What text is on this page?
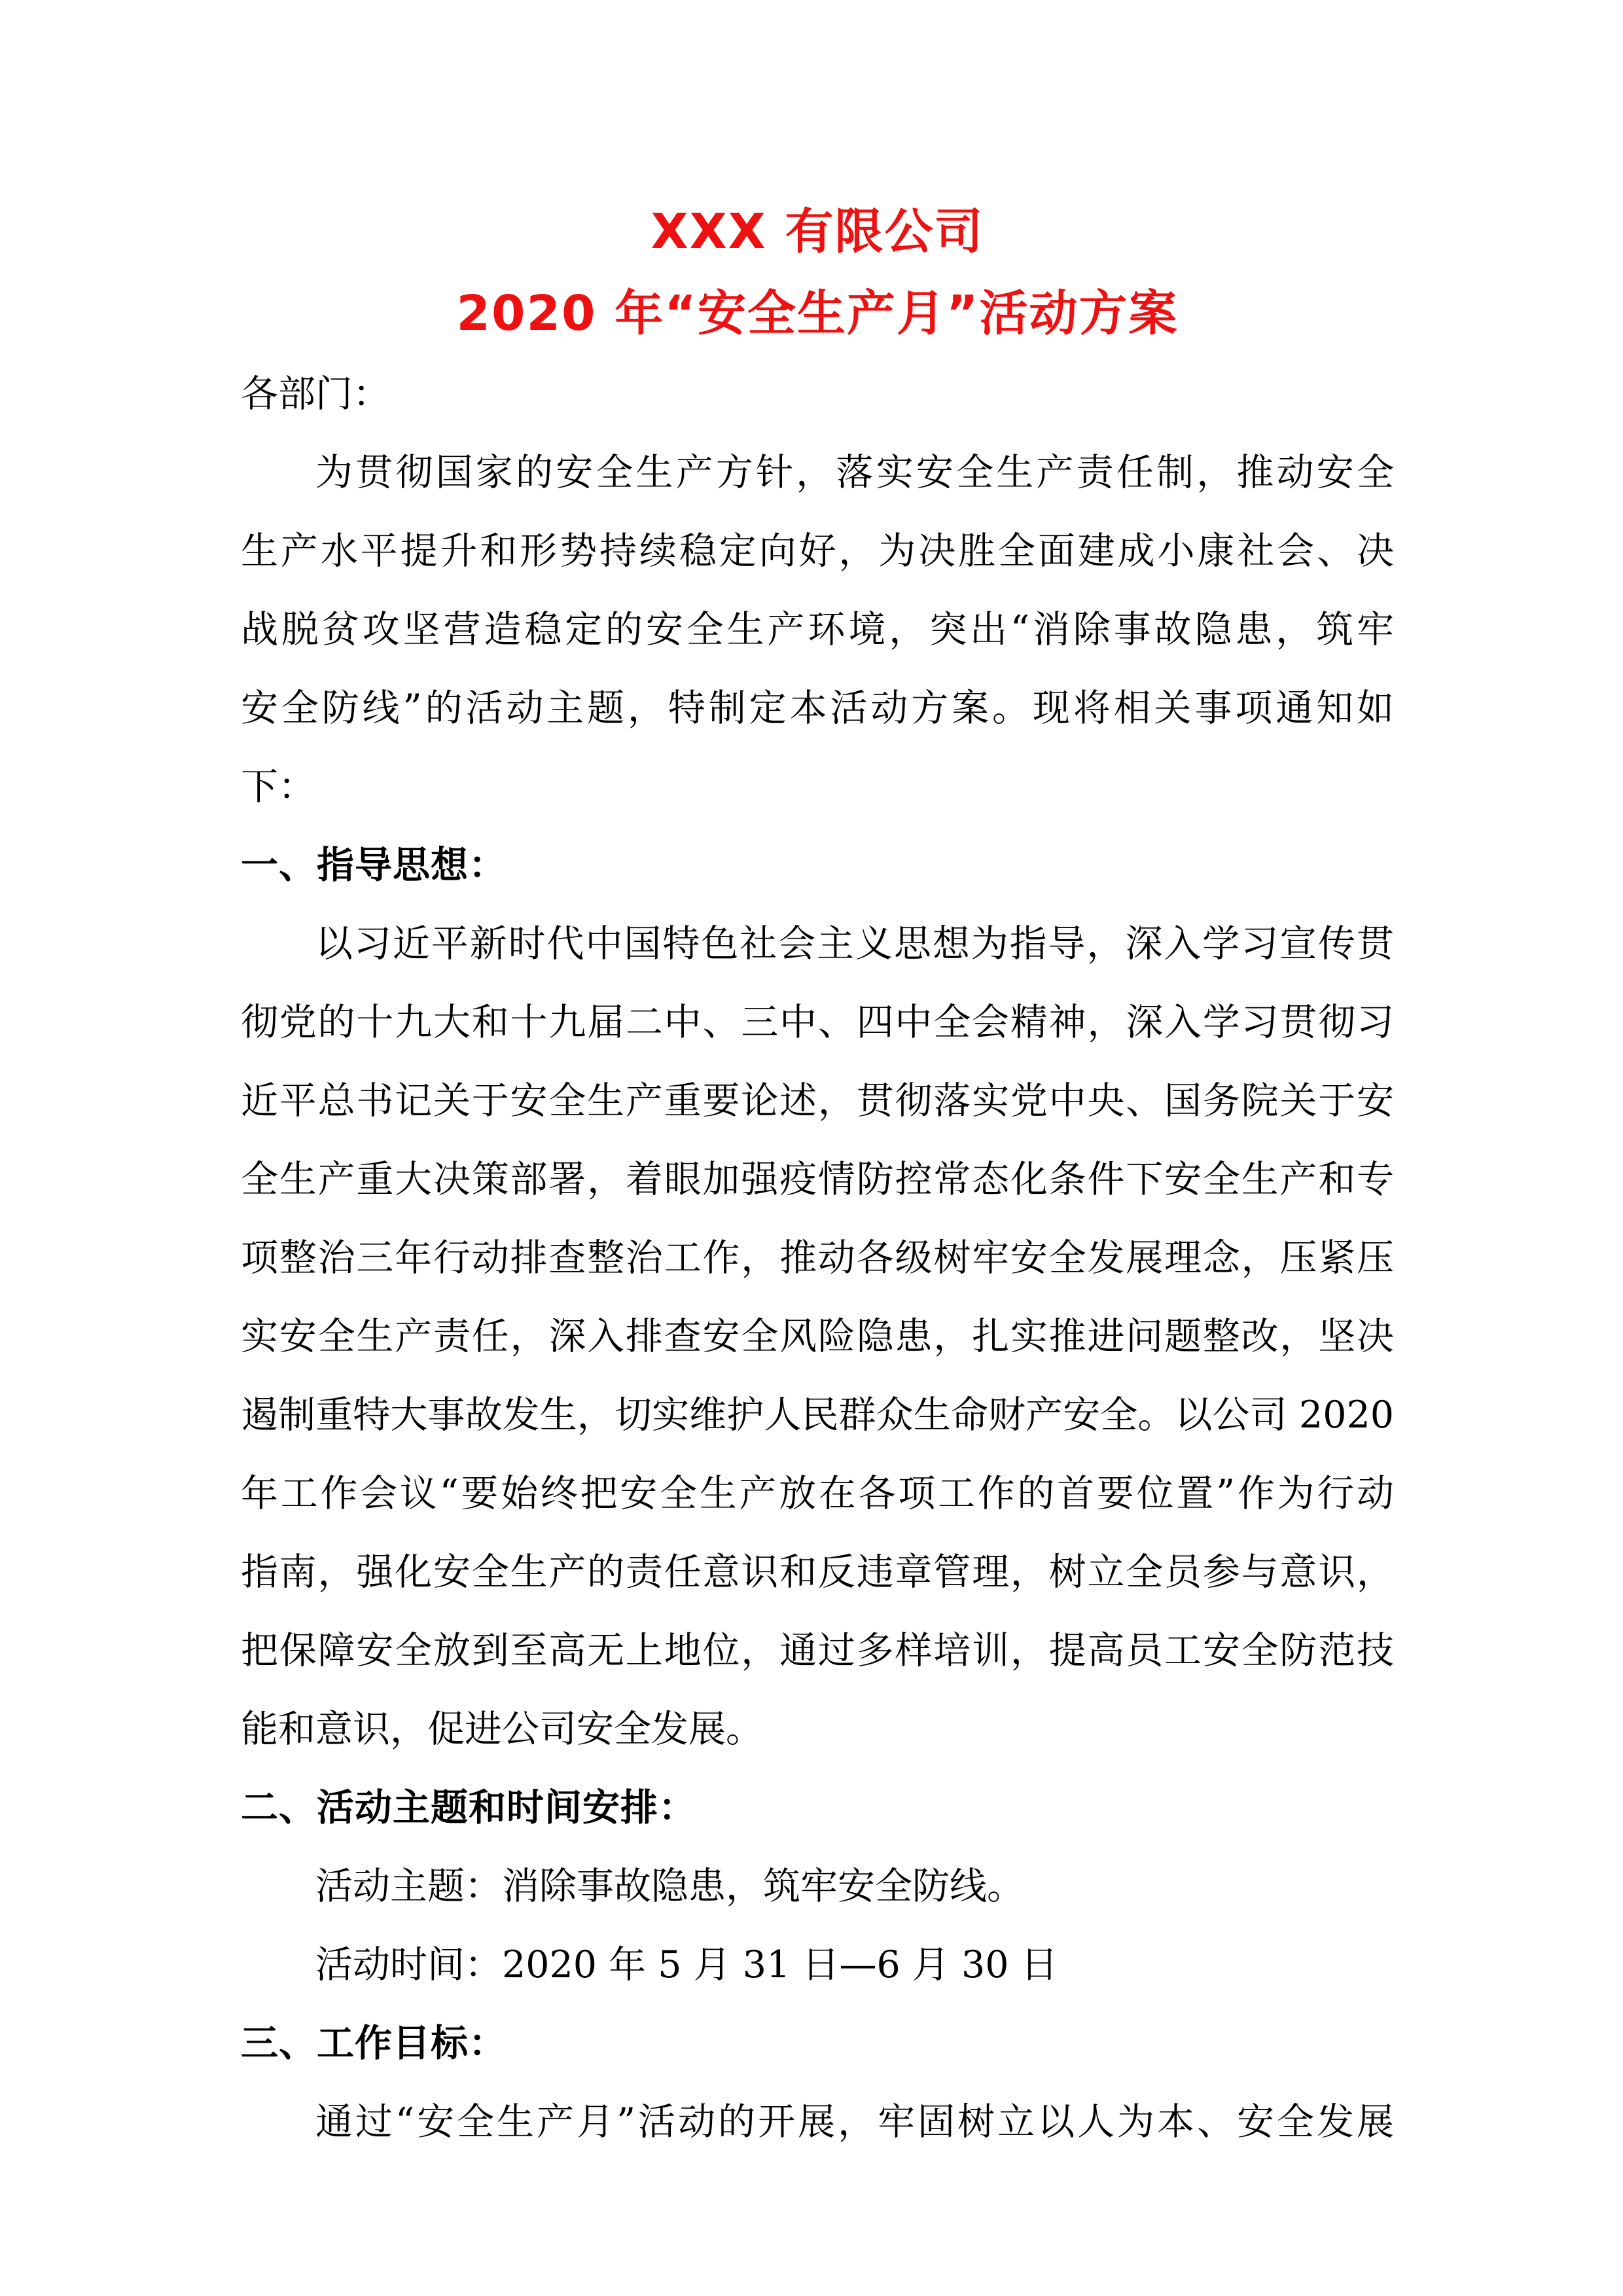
XXX 有限公司
2020 年“安全生产月”活动方案
各部门：
为贯彻国家的安全生产方针，落实安全生产责任制，推动安全
生产水平提升和形势持续稳定向好，为决胜全面建成小康社会、决
战脱贫攻坚营造稳定的安全生产环境，突出“消除事故隐患，筑牢
安全防线”的活动主题，特制定本活动方案。现将相关事项通知如
下：
一、指导思想：
以习近平新时代中国特色社会主义思想为指导，深入学习宣传贯
彻党的十九大和十九届二中、三中、四中全会精神，深入学习贯彻习
近平总书记关于安全生产重要论述，贯彻落实党中央、国务院关于安
全生产重大决策部署，着眼加强疫情防控常态化条件下安全生产和专
项整治三年行动排查整治工作，推动各级树牢安全发展理念，压紧压
实安全生产责任，深入排查安全风险隐患，扎实推进问题整改，坚决
遏制重特大事故发生，切实维护人民群众生命财产安全。以公司 2020
年工作会议“要始终把安全生产放在各项工作的首要位置”作为行动
指南，强化安全生产的责任意识和反违章管理，树立全员参与意识，
把保障安全放到至高无上地位，通过多样培训，提高员工安全防范技
能和意识，促进公司安全发展。
二、活动主题和时间安排：
活动主题：消除事故隐患，筑牢安全防线。
活动时间：2020 年 5 月 31 日—6 月 30 日
三、工作目标：
通过“安全生产月”活动的开展，牢固树立以人为本、安全发展
